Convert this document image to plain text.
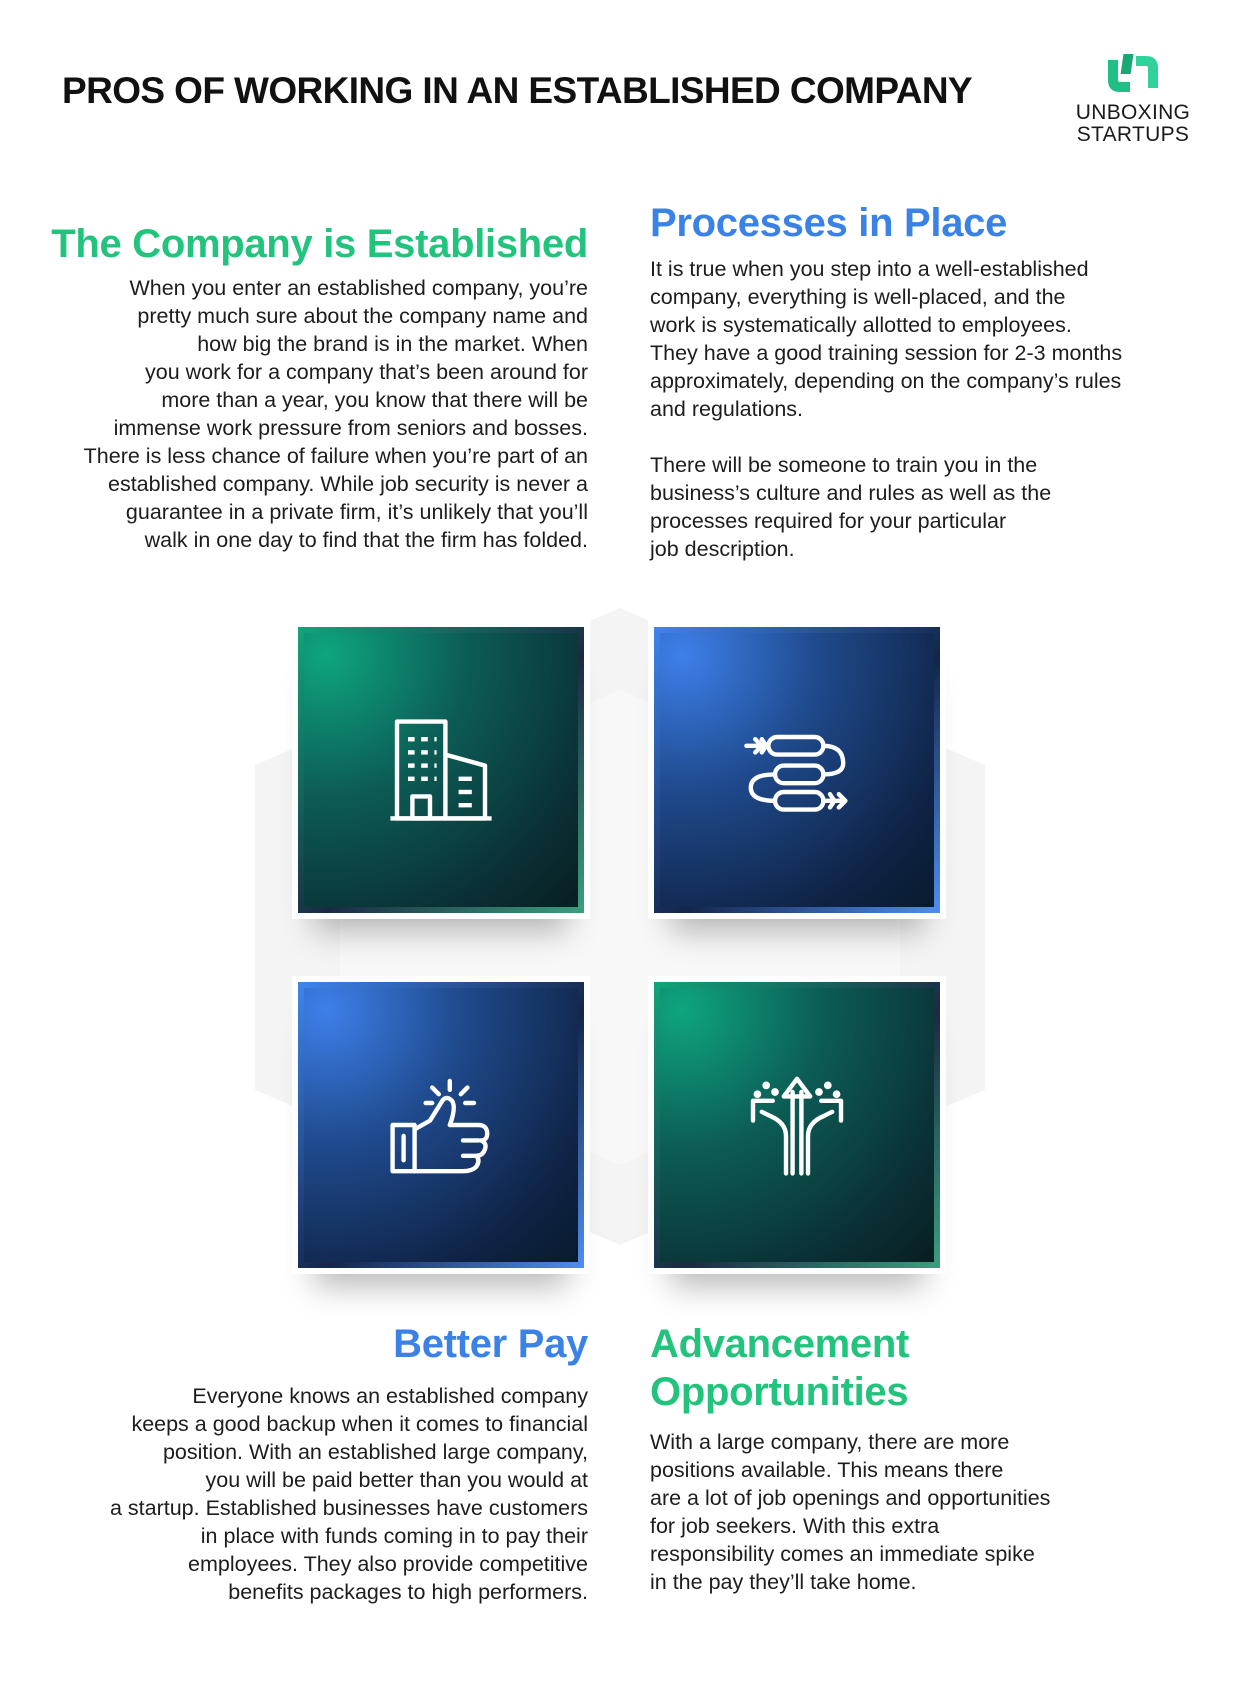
PROS OF WORKING IN AN ESTABLISHED COMPANY
UNBOXING
STARTUPS
The Company is Established

When you enter an established company, you’re
pretty much sure about the company name and
how big the brand is in the market. When
you work for a company that’s been around for
more than a year, you know that there will be
immense work pressure from seniors and bosses.
There is less chance of failure when you’re part of an
established company. While job security is never a
guarantee in a private firm, it’s unlikely that you’ll
walk in one day to find that the firm has folded.

Processes in Place

It is true when you step into a well-established
company, everything is well-placed, and the
work is systematically allotted to employees.
They have a good training session for 2-3 months
approximately, depending on the company’s rules
and regulations.

There will be someone to train you in the
business’s culture and rules as well as the
processes required for your particular
job description.

Better Pay

Everyone knows an established company
keeps a good backup when it comes to financial
position. With an established large company,
you will be paid better than you would at
a startup. Established businesses have customers
in place with funds coming in to pay their
employees. They also provide competitive
benefits packages to high performers.

Advancement
Opportunities

With a large company, there are more
positions available. This means there
are a lot of job openings and opportunities
for job seekers. With this extra
responsibility comes an immediate spike
in the pay they’ll take home.
